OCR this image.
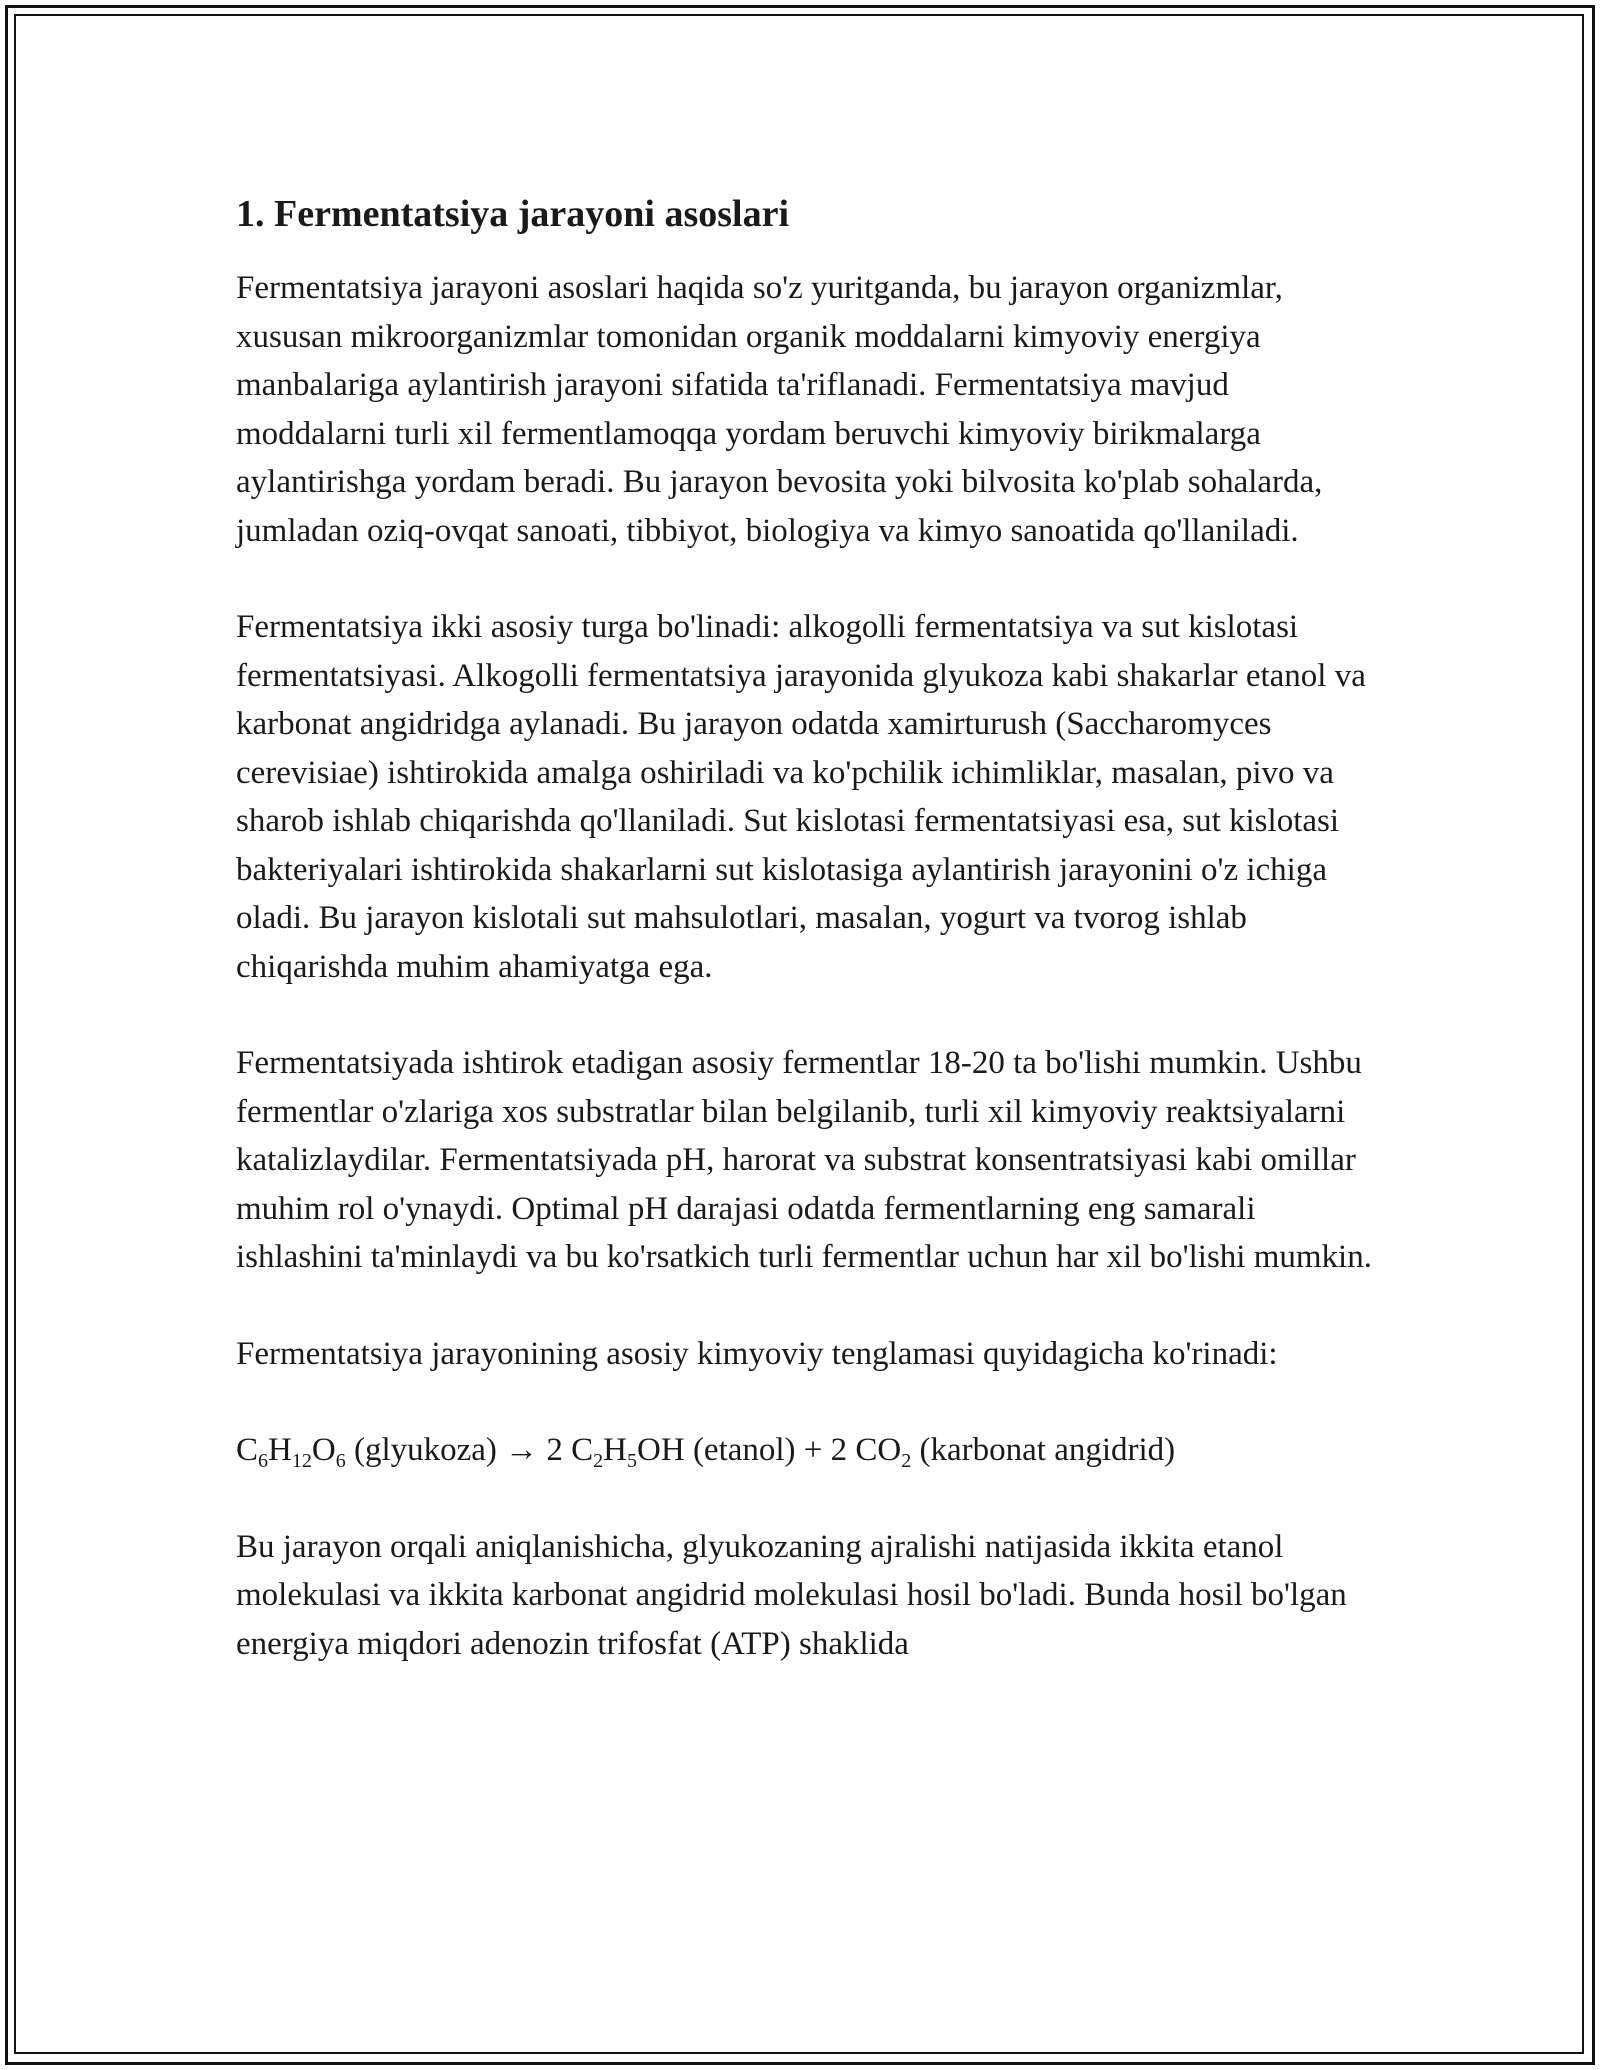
1. Fermentatsiya jarayoni asoslari

Fermentatsiya jarayoni asoslari haqida so'z yuritganda, bu jarayon organizmlar, xususan mikroorganizmlar tomonidan organik moddalarni kimyoviy energiya manbalariga aylantirish jarayoni sifatida ta'riflanadi. Fermentatsiya mavjud moddalarni turli xil fermentlamoqqa yordam beruvchi kimyoviy birikmalarga aylantirishga yordam beradi. Bu jarayon bevosita yoki bilvosita ko'plab sohalarda, jumladan oziq-ovqat sanoati, tibbiyot, biologiya va kimyo sanoatida qo'llaniladi.

Fermentatsiya ikki asosiy turga bo'linadi: alkogolli fermentatsiya va sut kislotasi fermentatsiyasi. Alkogolli fermentatsiya jarayonida glyukoza kabi shakarlar etanol va karbonat angidridga aylanadi. Bu jarayon odatda xamirturush (Saccharomyces cerevisiae) ishtirokida amalga oshiriladi va ko'pchilik ichimliklar, masalan, pivo va sharob ishlab chiqarishda qo'llaniladi. Sut kislotasi fermentatsiyasi esa, sut kislotasi bakteriyalari ishtirokida shakarlarni sut kislotasiga aylantirish jarayonini o'z ichiga oladi. Bu jarayon kislotali sut mahsulotlari, masalan, yogurt va tvorog ishlab chiqarishda muhim ahamiyatga ega.

Fermentatsiyada ishtirok etadigan asosiy fermentlar 18-20 ta bo'lishi mumkin. Ushbu fermentlar o'zlariga xos substratlar bilan belgilanib, turli xil kimyoviy reaktsiyalarni katalizlaydilar. Fermentatsiyada pH, harorat va substrat konsentratsiyasi kabi omillar muhim rol o'ynaydi. Optimal pH darajasi odatda fermentlarning eng samarali ishlashini ta'minlaydi va bu ko'rsatkich turli fermentlar uchun har xil bo'lishi mumkin.

Fermentatsiya jarayonining asosiy kimyoviy tenglamasi quyidagicha ko'rinadi:

$C_6H_{12}O_6$ (glyukoza) → 2 $C_2H_5OH$ (etanol) + 2 $CO_2$ (karbonat angidrid)

Bu jarayon orqali aniqlanishicha, glyukozaning ajralishi natijasida ikkita etanol molekulasi va ikkita karbonat angidrid molekulasi hosil bo'ladi. Bunda hosil bo'lgan energiya miqdori adenozin trifosfat (ATP) shaklida
